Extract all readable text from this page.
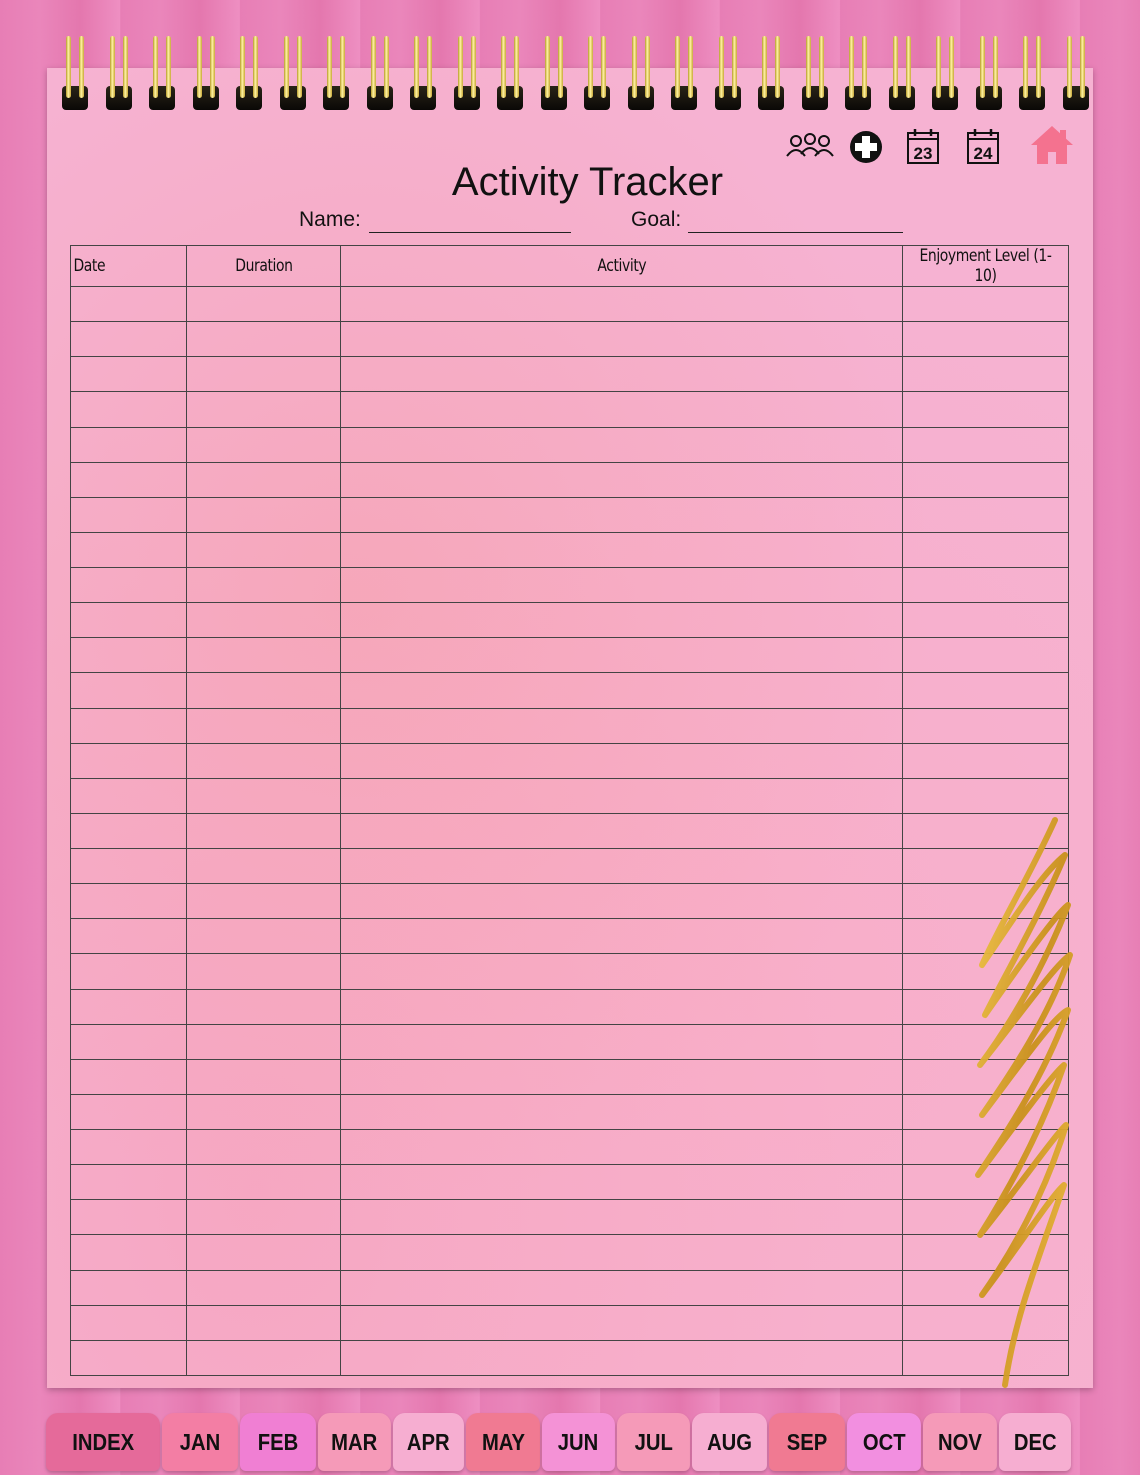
23 24
Activity Tracker
Name:	Goal:
Date	Duration	Activity	Enjoyment Level (1-10)

INDEX JAN FEB MAR APR MAY JUN JUL AUG SEP OCT NOV DEC
